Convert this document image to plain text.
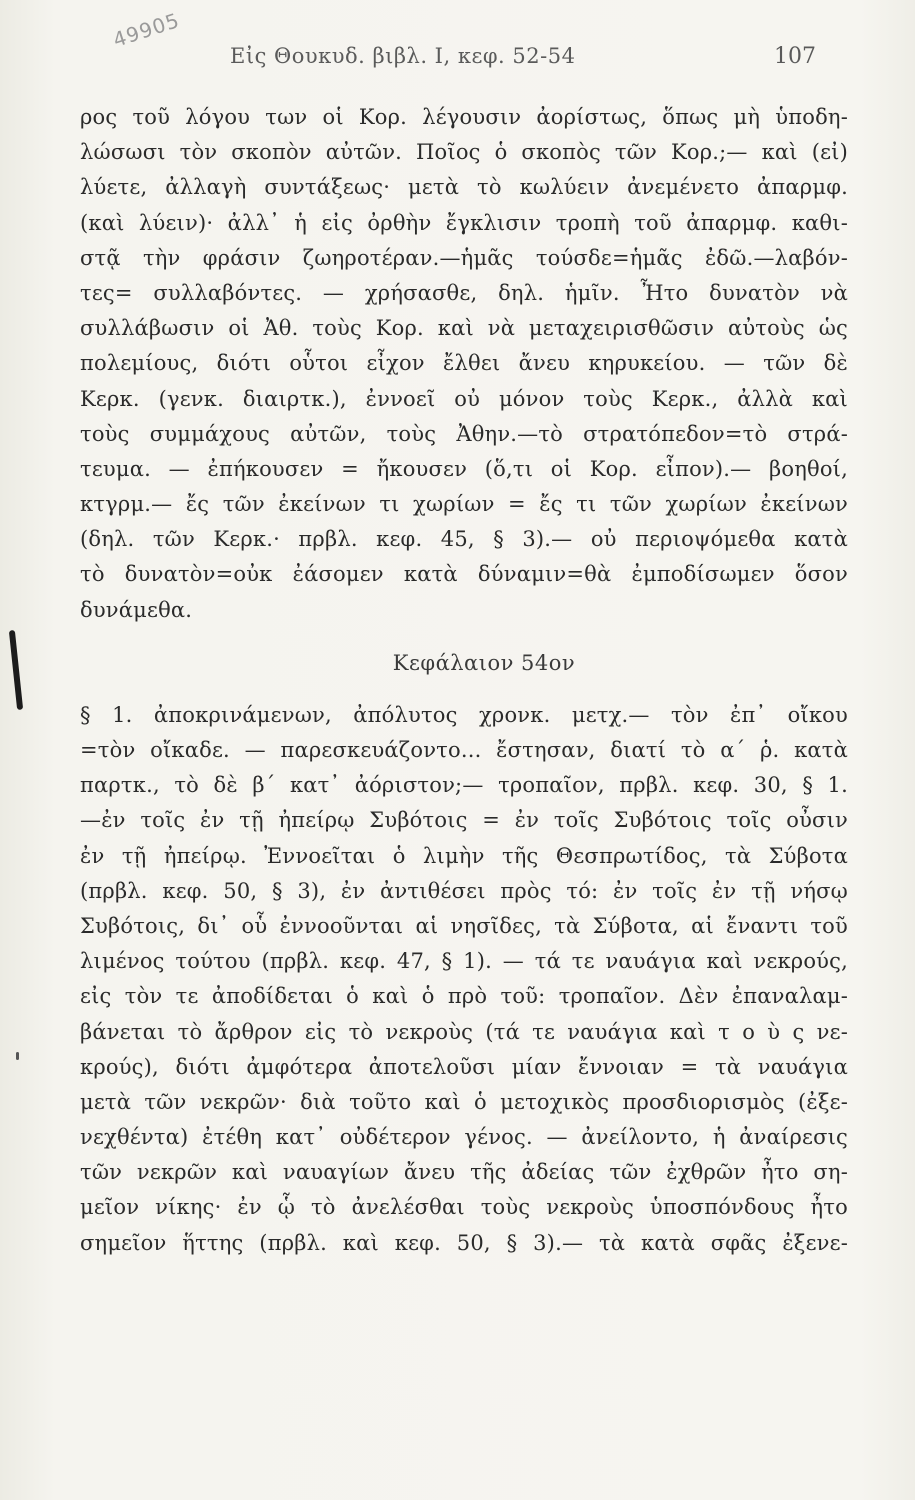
49905
Εἰς Θουκυδ. βιβλ. I, κεφ. 52-54	107
ρος τοῦ λόγου των οἱ Κορ. λέγουσιν ἀορίστως, ὅπως μὴ ὑποδη-
λώσωσι τὸν σκοπὸν αὐτῶν. Ποῖος ὁ σκοπὸς τῶν Κορ.;— καὶ (εἰ)
λύετε, ἀλλαγὴ συντάξεως· μετὰ τὸ κωλύειν ἀνεμένετο ἀπαρμφ.
(καὶ λύειν)· ἀλλ᾽ ἡ εἰς ὀρθὴν ἔγκλισιν τροπὴ τοῦ ἀπαρμφ. καθι-
στᾷ τὴν φράσιν ζωηροτέραν.—ἡμᾶς τούσδε=ἡμᾶς ἐδῶ.—λαβόν-
τες= συλλαβόντες. — χρήσασθε, δηλ. ἡμῖν. Ἦτο δυνατὸν νὰ
συλλάβωσιν οἱ Ἀθ. τοὺς Κορ. καὶ νὰ μεταχειρισθῶσιν αὐτοὺς ὡς
πολεμίους, διότι οὗτοι εἶχον ἔλθει ἄνευ κηρυκείου. — τῶν δὲ
Κερκ. (γενκ. διαιρτκ.), ἐννοεῖ οὐ μόνον τοὺς Κερκ., ἀλλὰ καὶ
τοὺς συμμάχους αὐτῶν, τοὺς Ἀθην.—τὸ στρατόπεδον=τὸ στρά-
τευμα. — ἐπήκουσεν = ἤκουσεν (ὅ,τι οἱ Κορ. εἶπον).— βοηθοί,
κτγρμ.— ἔς τῶν ἐκείνων τι χωρίων = ἔς τι τῶν χωρίων ἐκείνων
(δηλ. τῶν Κερκ.· πρβλ. κεφ. 45, § 3).— οὐ περιοψόμεθα κατὰ
τὸ δυνατὸν=οὐκ ἐάσομεν κατὰ δύναμιν=θὰ ἐμποδίσωμεν ὅσον
δυνάμεθα.
Κεφάλαιον 54ον
§ 1. ἀποκρινάμενων, ἀπόλυτος χρονκ. μετχ.— τὸν ἐπ᾽ οἴκου
=τὸν οἴκαδε. — παρεσκευάζοντο... ἔστησαν, διατί τὸ α΄ ῥ. κατὰ
παρτκ., τὸ δὲ β΄ κατ᾽ ἀόριστον;— τροπαῖον, πρβλ. κεφ. 30, § 1.
—ἐν τοῖς ἐν τῇ ἠπείρῳ Συβότοις = ἐν τοῖς Συβότοις τοῖς οὖσιν
ἐν τῇ ἠπείρῳ. Ἐννοεῖται ὁ λιμὴν τῆς Θεσπρωτίδος, τὰ Σύβοτα
(πρβλ. κεφ. 50, § 3), ἐν ἀντιθέσει πρὸς τό: ἐν τοῖς ἐν τῇ νήσῳ
Συβότοις, δι᾽ οὗ ἐννοοῦνται αἱ νησῖδες, τὰ Σύβοτα, αἱ ἔναντι τοῦ
λιμένος τούτου (πρβλ. κεφ. 47, § 1). — τά τε ναυάγια καὶ νεκρούς,
εἰς τὸν τε ἀποδίδεται ὁ καὶ ὁ πρὸ τοῦ: τροπαῖον. Δὲν ἐπαναλαμ-
βάνεται τὸ ἄρθρον εἰς τὸ νεκροὺς (τά τε ναυάγια καὶ τ ο ὺ ς νε-
κρούς), διότι ἀμφότερα ἀποτελοῦσι μίαν ἔννοιαν = τὰ ναυάγια
μετὰ τῶν νεκρῶν· διὰ τοῦτο καὶ ὁ μετοχικὸς προσδιορισμὸς (ἐξε-
νεχθέντα) ἐτέθη κατ᾽ οὐδέτερον γένος. — ἀνείλοντο, ἡ ἀναίρεσις
τῶν νεκρῶν καὶ ναυαγίων ἄνευ τῆς ἀδείας τῶν ἐχθρῶν ἦτο ση-
μεῖον νίκης· ἐν ᾧ τὸ ἀνελέσθαι τοὺς νεκροὺς ὑποσπόνδους ἦτο
σημεῖον ἥττης (πρβλ. καὶ κεφ. 50, § 3).— τὰ κατὰ σφᾶς ἐξενε-
